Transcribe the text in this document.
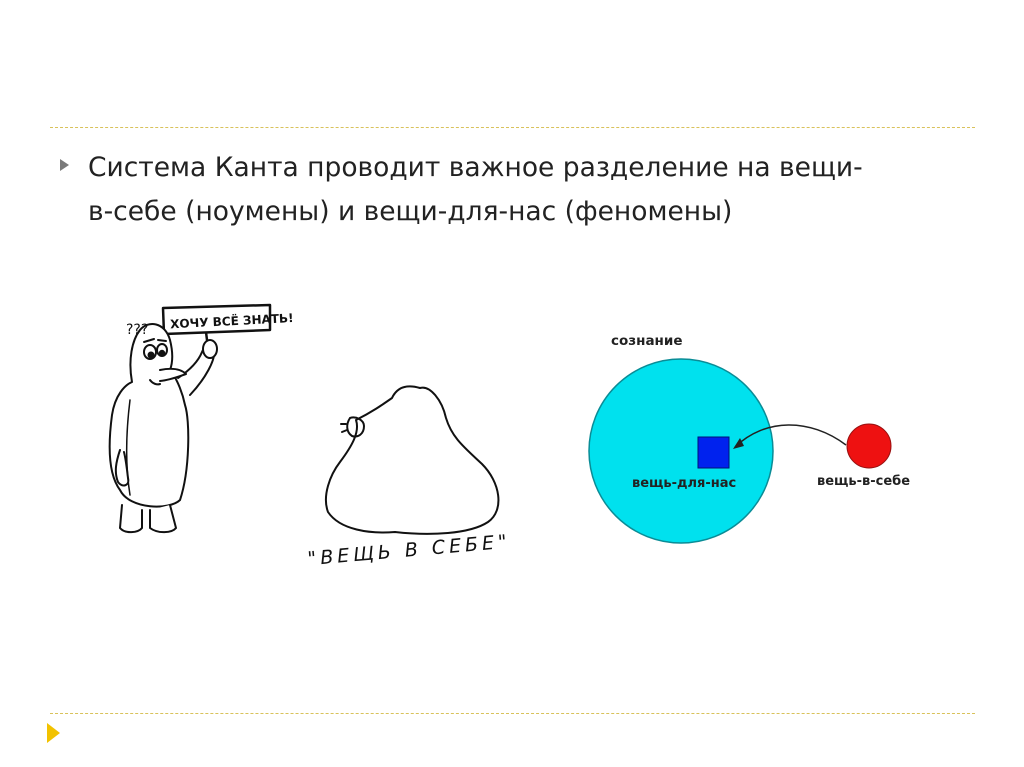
Система Канта проводит важное разделение на вещи-
в-себе (ноумены) и вещи-для-нас (феномены)
??? ХОЧУ ВСЁ ЗНАТЬ!
"ВЕЩЬ В СЕБЕ"
сознание
вещь-для-нас	вещь-в-себе
